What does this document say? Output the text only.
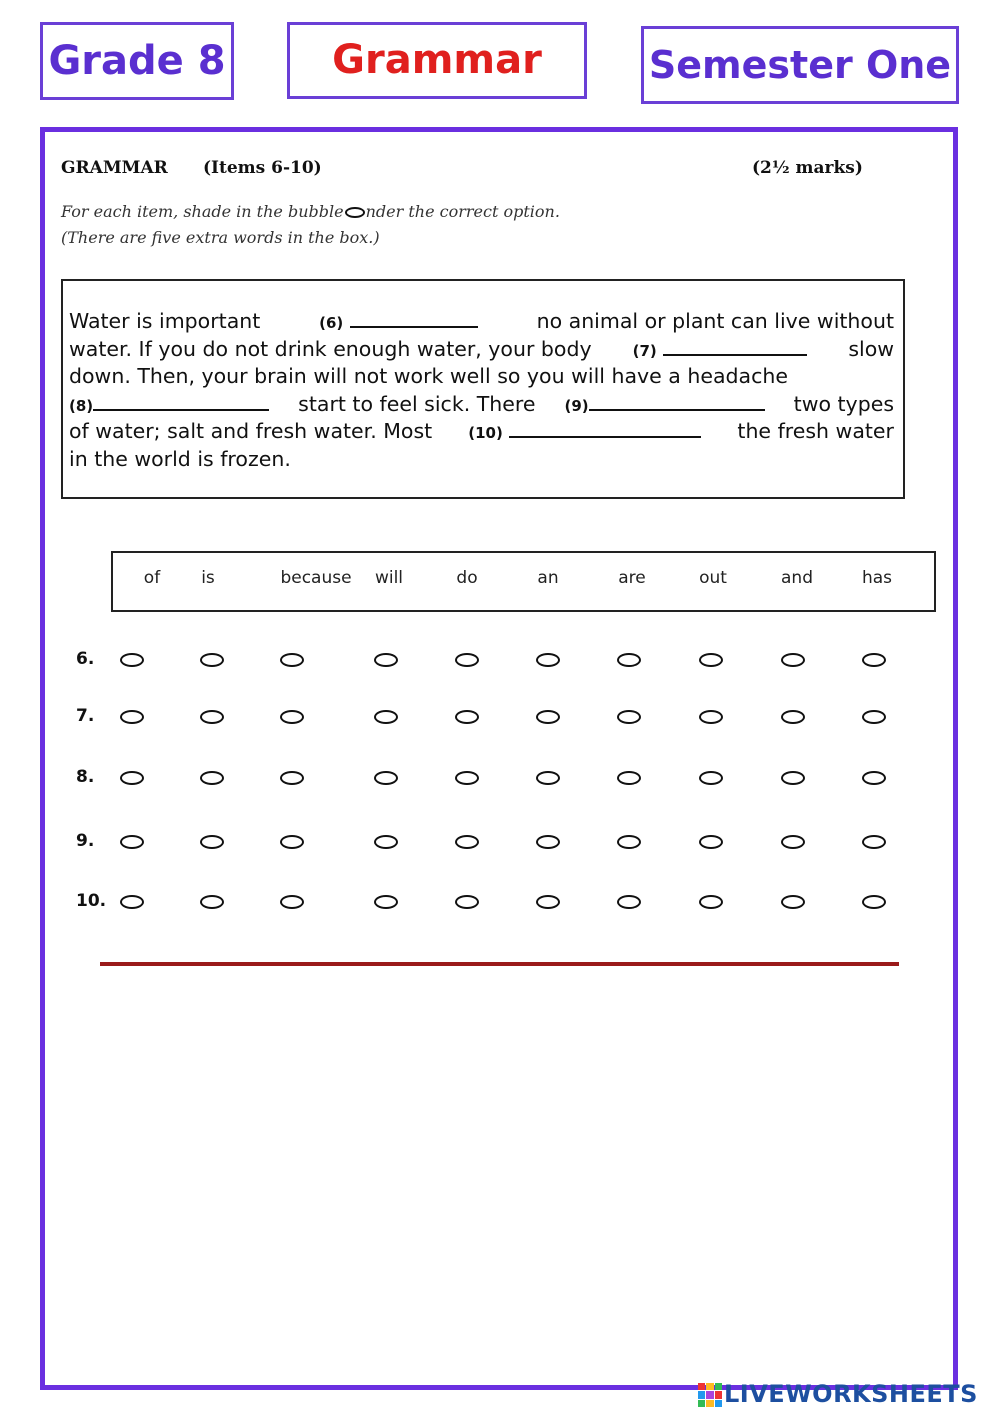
Grade 8	Grammar	Semester One
GRAMMAR (Items 6-10)	(2½ marks)
For each item, shade in the bubble nder the correct option.
(There are five extra words in the box.)
Water is important	(6)	no animal or plant can live without
water. If you do not drink enough water, your body	(7)	slow
down. Then, your brain will not work well so you will have a headache
(8)	start to feel sick. There (9)	two types
of water; salt and fresh water. Most (10)	the fresh water
in the world is frozen.
of is	because will	do	an	are	out	and	has
6.
7.
8.
9.
10.
LIVEWORKSHEETS
